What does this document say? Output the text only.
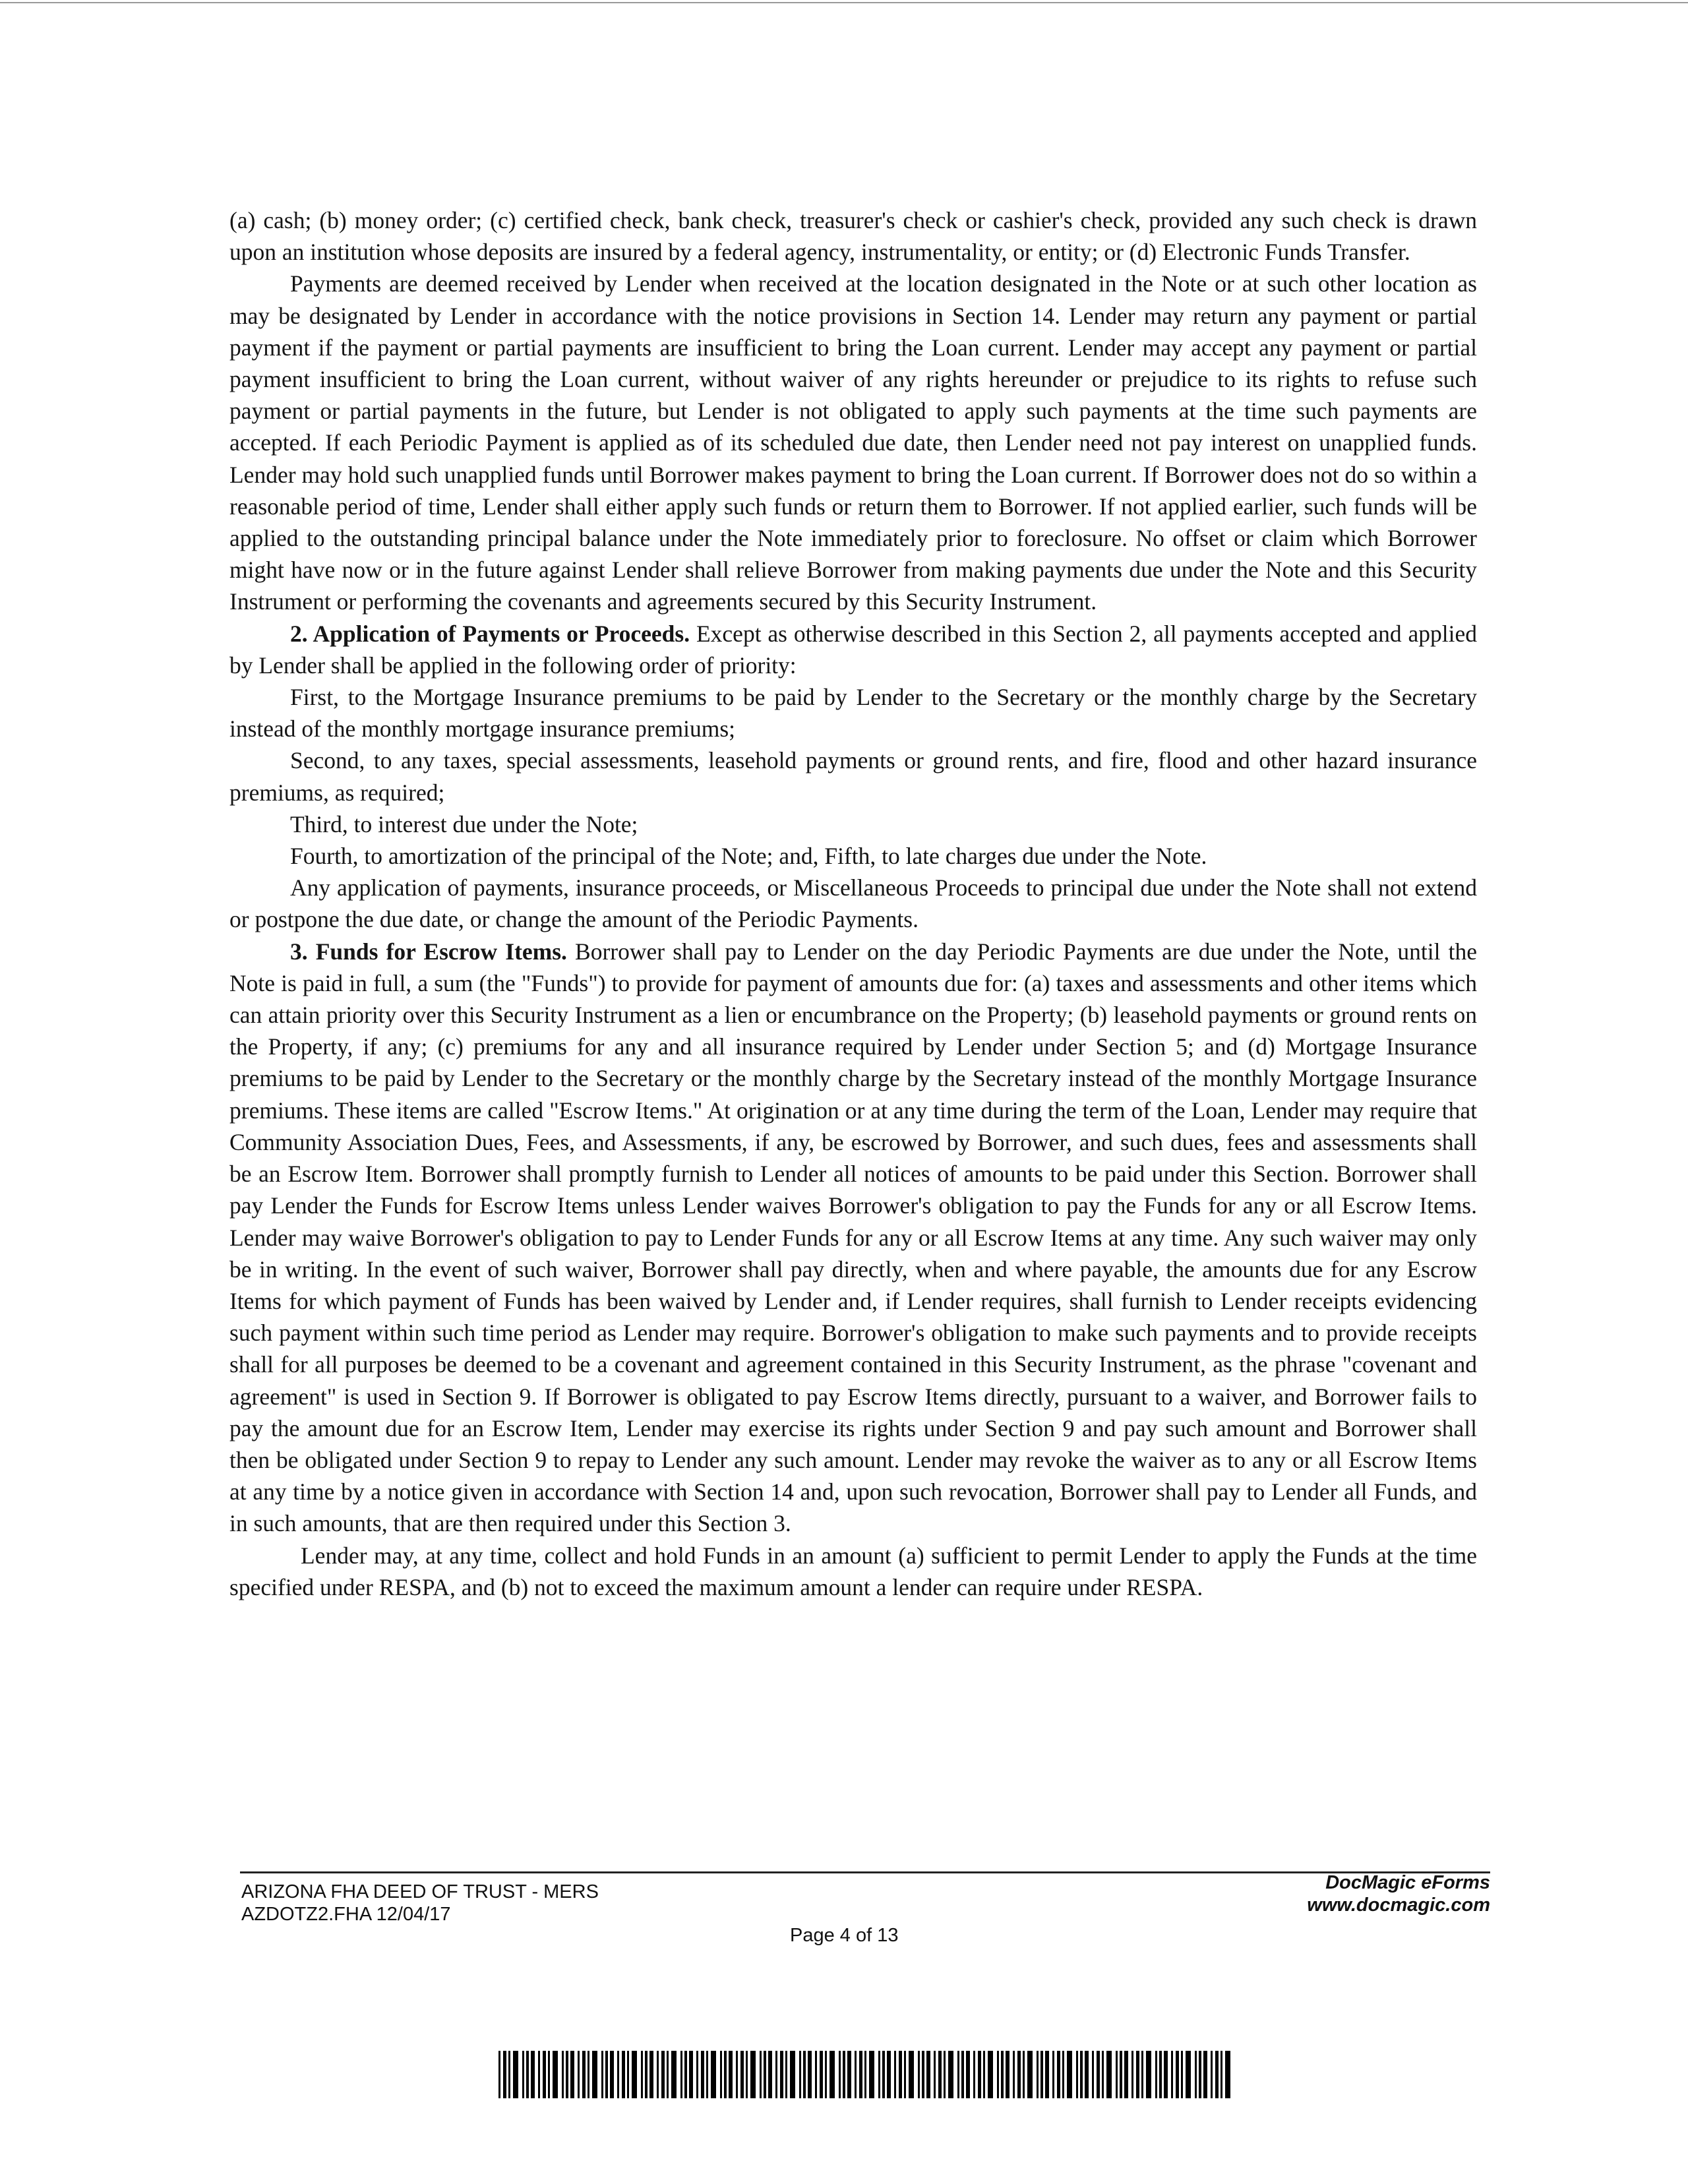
(a) cash; (b) money order; (c) certified check, bank check, treasurer's check or cashier's check, provided any such check is drawn upon an institution whose deposits are insured by a federal agency, instrumentality, or entity; or (d) Electronic Funds Transfer.

Payments are deemed received by Lender when received at the location designated in the Note or at such other location as may be designated by Lender in accordance with the notice provisions in Section 14. Lender may return any payment or partial payment if the payment or partial payments are insufficient to bring the Loan current. Lender may accept any payment or partial payment insufficient to bring the Loan current, without waiver of any rights hereunder or prejudice to its rights to refuse such payment or partial payments in the future, but Lender is not obligated to apply such payments at the time such payments are accepted. If each Periodic Payment is applied as of its scheduled due date, then Lender need not pay interest on unapplied funds. Lender may hold such unapplied funds until Borrower makes payment to bring the Loan current. If Borrower does not do so within a reasonable period of time, Lender shall either apply such funds or return them to Borrower. If not applied earlier, such funds will be applied to the outstanding principal balance under the Note immediately prior to foreclosure. No offset or claim which Borrower might have now or in the future against Lender shall relieve Borrower from making payments due under the Note and this Security Instrument or performing the covenants and agreements secured by this Security Instrument.

2. Application of Payments or Proceeds. Except as otherwise described in this Section 2, all payments accepted and applied by Lender shall be applied in the following order of priority:

First, to the Mortgage Insurance premiums to be paid by Lender to the Secretary or the monthly charge by the Secretary instead of the monthly mortgage insurance premiums;

Second, to any taxes, special assessments, leasehold payments or ground rents, and fire, flood and other hazard insurance premiums, as required;

Third, to interest due under the Note;

Fourth, to amortization of the principal of the Note; and, Fifth, to late charges due under the Note.

Any application of payments, insurance proceeds, or Miscellaneous Proceeds to principal due under the Note shall not extend or postpone the due date, or change the amount of the Periodic Payments.

3. Funds for Escrow Items. Borrower shall pay to Lender on the day Periodic Payments are due under the Note, until the Note is paid in full, a sum (the "Funds") to provide for payment of amounts due for: (a) taxes and assessments and other items which can attain priority over this Security Instrument as a lien or encumbrance on the Property; (b) leasehold payments or ground rents on the Property, if any; (c) premiums for any and all insurance required by Lender under Section 5; and (d) Mortgage Insurance premiums to be paid by Lender to the Secretary or the monthly charge by the Secretary instead of the monthly Mortgage Insurance premiums. These items are called "Escrow Items." At origination or at any time during the term of the Loan, Lender may require that Community Association Dues, Fees, and Assessments, if any, be escrowed by Borrower, and such dues, fees and assessments shall be an Escrow Item. Borrower shall promptly furnish to Lender all notices of amounts to be paid under this Section. Borrower shall pay Lender the Funds for Escrow Items unless Lender waives Borrower's obligation to pay the Funds for any or all Escrow Items. Lender may waive Borrower's obligation to pay to Lender Funds for any or all Escrow Items at any time. Any such waiver may only be in writing. In the event of such waiver, Borrower shall pay directly, when and where payable, the amounts due for any Escrow Items for which payment of Funds has been waived by Lender and, if Lender requires, shall furnish to Lender receipts evidencing such payment within such time period as Lender may require. Borrower's obligation to make such payments and to provide receipts shall for all purposes be deemed to be a covenant and agreement contained in this Security Instrument, as the phrase "covenant and agreement" is used in Section 9. If Borrower is obligated to pay Escrow Items directly, pursuant to a waiver, and Borrower fails to pay the amount due for an Escrow Item, Lender may exercise its rights under Section 9 and pay such amount and Borrower shall then be obligated under Section 9 to repay to Lender any such amount. Lender may revoke the waiver as to any or all Escrow Items at any time by a notice given in accordance with Section 14 and, upon such revocation, Borrower shall pay to Lender all Funds, and in such amounts, that are then required under this Section 3.

Lender may, at any time, collect and hold Funds in an amount (a) sufficient to permit Lender to apply the Funds at the time specified under RESPA, and (b) not to exceed the maximum amount a lender can require under RESPA.

ARIZONA FHA DEED OF TRUST - MERS
AZDOTZ2.FHA 12/04/17
DocMagic eForms
www.docmagic.com
Page 4 of 13
